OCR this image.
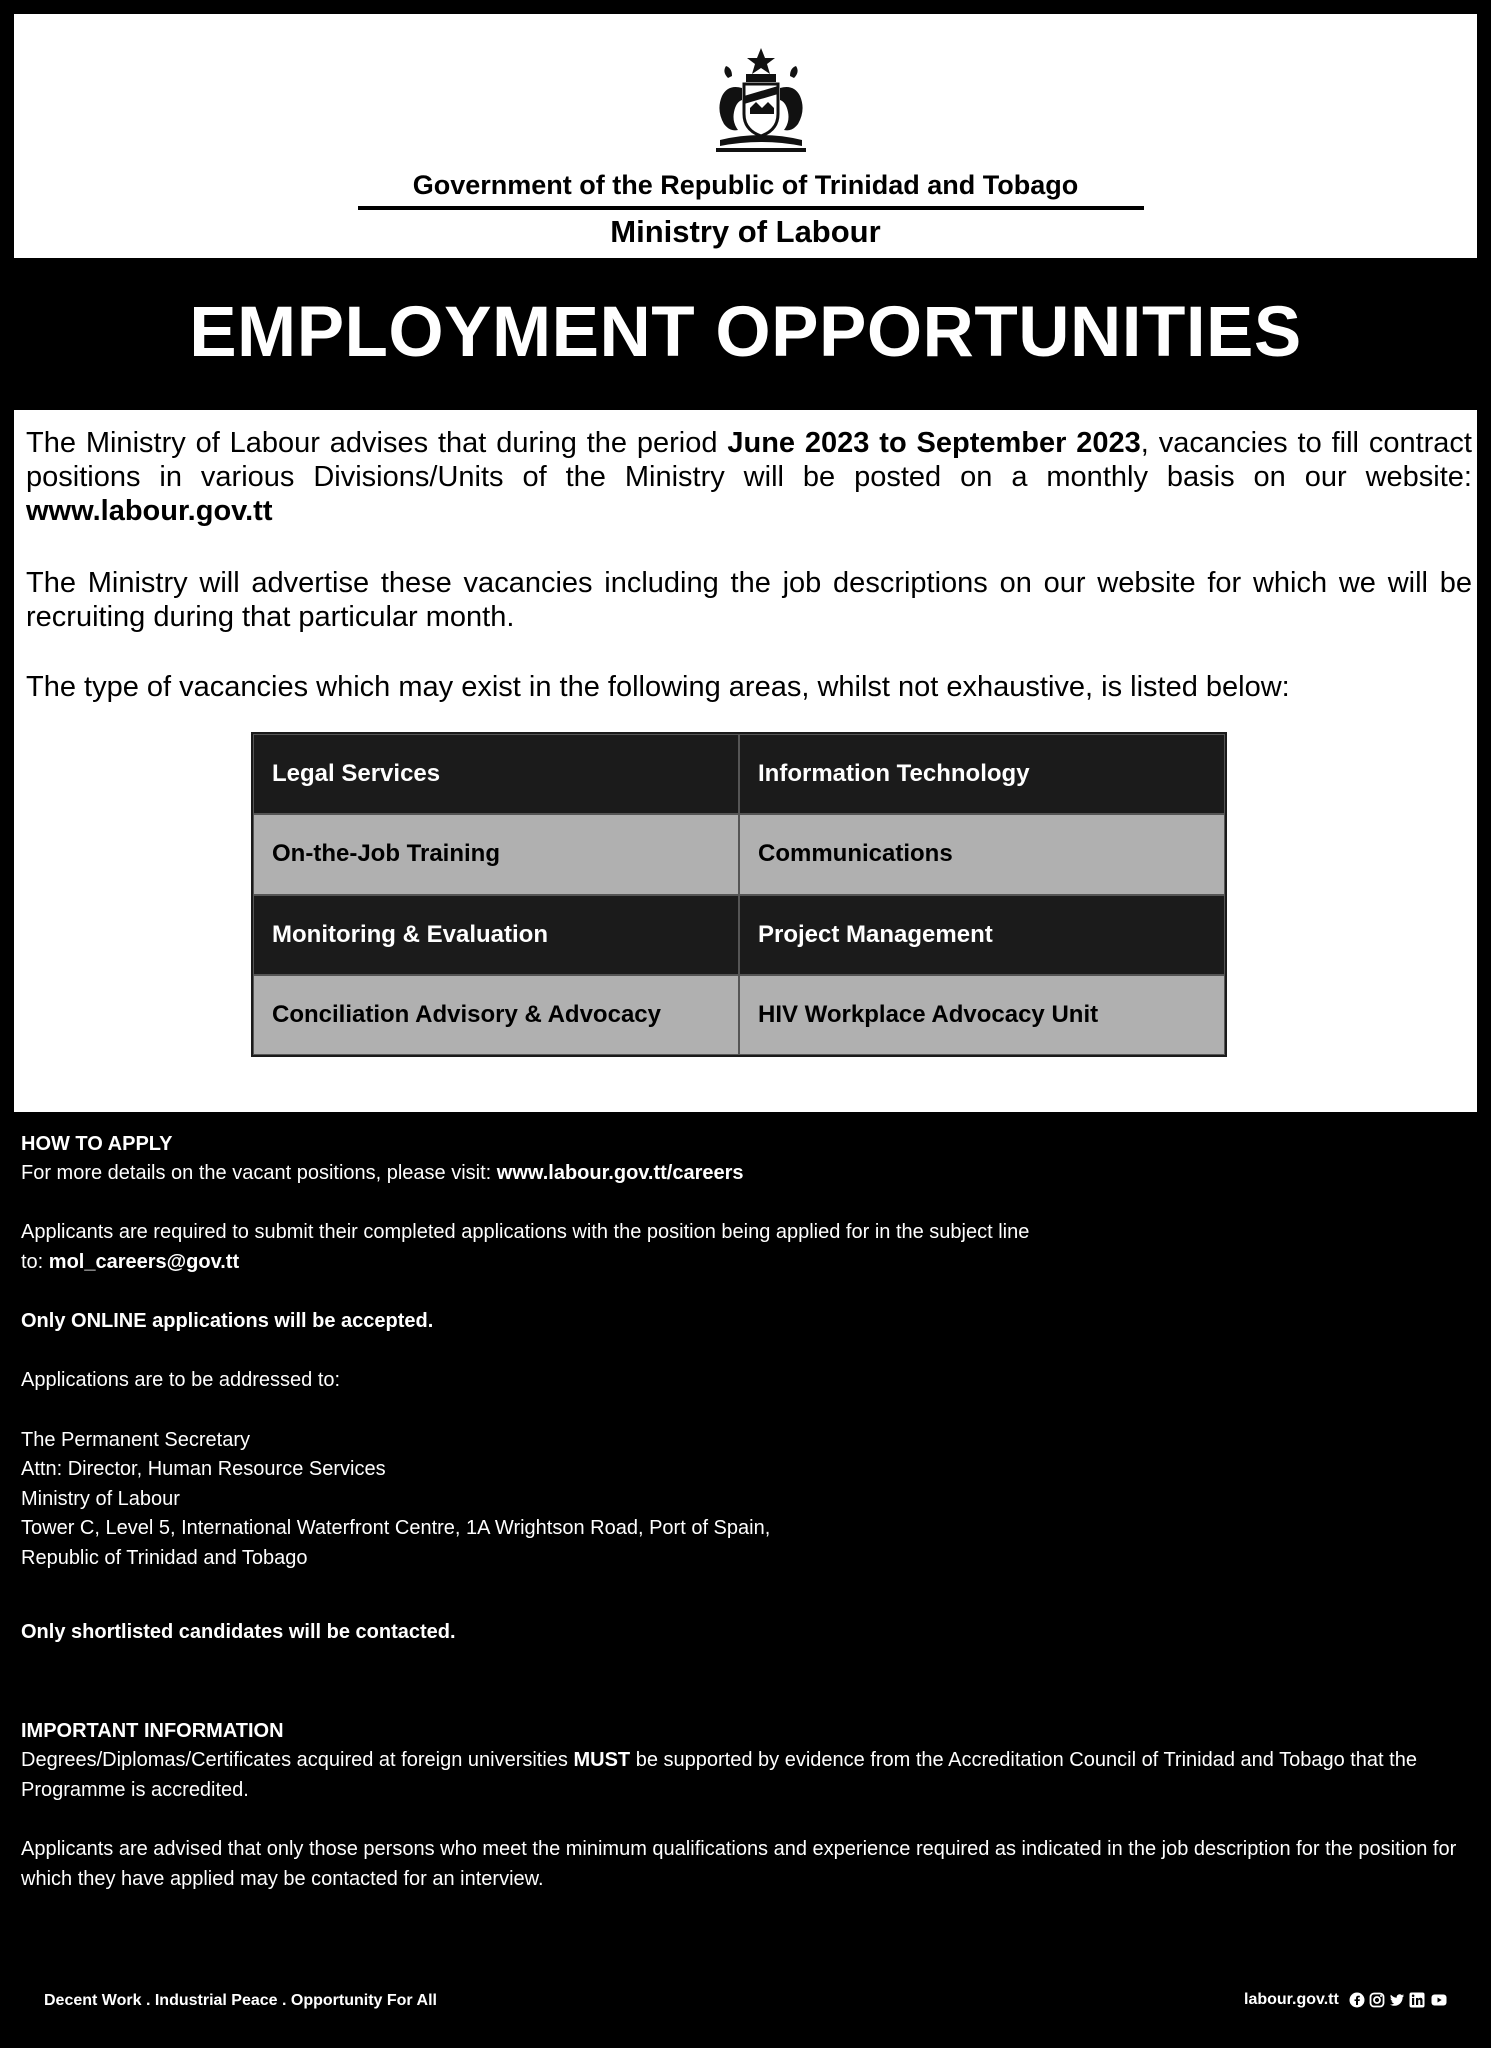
Government of the Republic of Trinidad and Tobago
Ministry of Labour
EMPLOYMENT OPPORTUNITIES

The Ministry of Labour advises that during the period June 2023 to September 2023, vacancies to fill contract positions in various Divisions/Units of the Ministry will be posted on a monthly basis on our website: www.labour.gov.tt

The Ministry will advertise these vacancies including the job descriptions on our website for which we will be recruiting during that particular month.

The type of vacancies which may exist in the following areas, whilst not exhaustive, is listed below:

Legal Services	Information Technology
On-the-Job Training	Communications
Monitoring & Evaluation	Project Management
Conciliation Advisory & Advocacy	HIV Workplace Advocacy Unit
HOW TO APPLY
For more details on the vacant positions, please visit: www.labour.gov.tt/careers
Applicants are required to submit their completed applications with the position being applied for in the subject line
to: mol_careers@gov.tt
Only ONLINE applications will be accepted.
Applications are to be addressed to:
The Permanent Secretary
Attn: Director, Human Resource Services
Ministry of Labour
Tower C, Level 5, International Waterfront Centre, 1A Wrightson Road, Port of Spain,
Republic of Trinidad and Tobago
Only shortlisted candidates will be contacted.
IMPORTANT INFORMATION
Degrees/Diplomas/Certificates acquired at foreign universities MUST be supported by evidence from the Accreditation Council of Trinidad and Tobago that the Programme is accredited.
Applicants are advised that only those persons who meet the minimum qualifications and experience required as indicated in the job description for the position for which they have applied may be contacted for an interview.
Decent Work . Industrial Peace . Opportunity For All	labour.gov.tt
